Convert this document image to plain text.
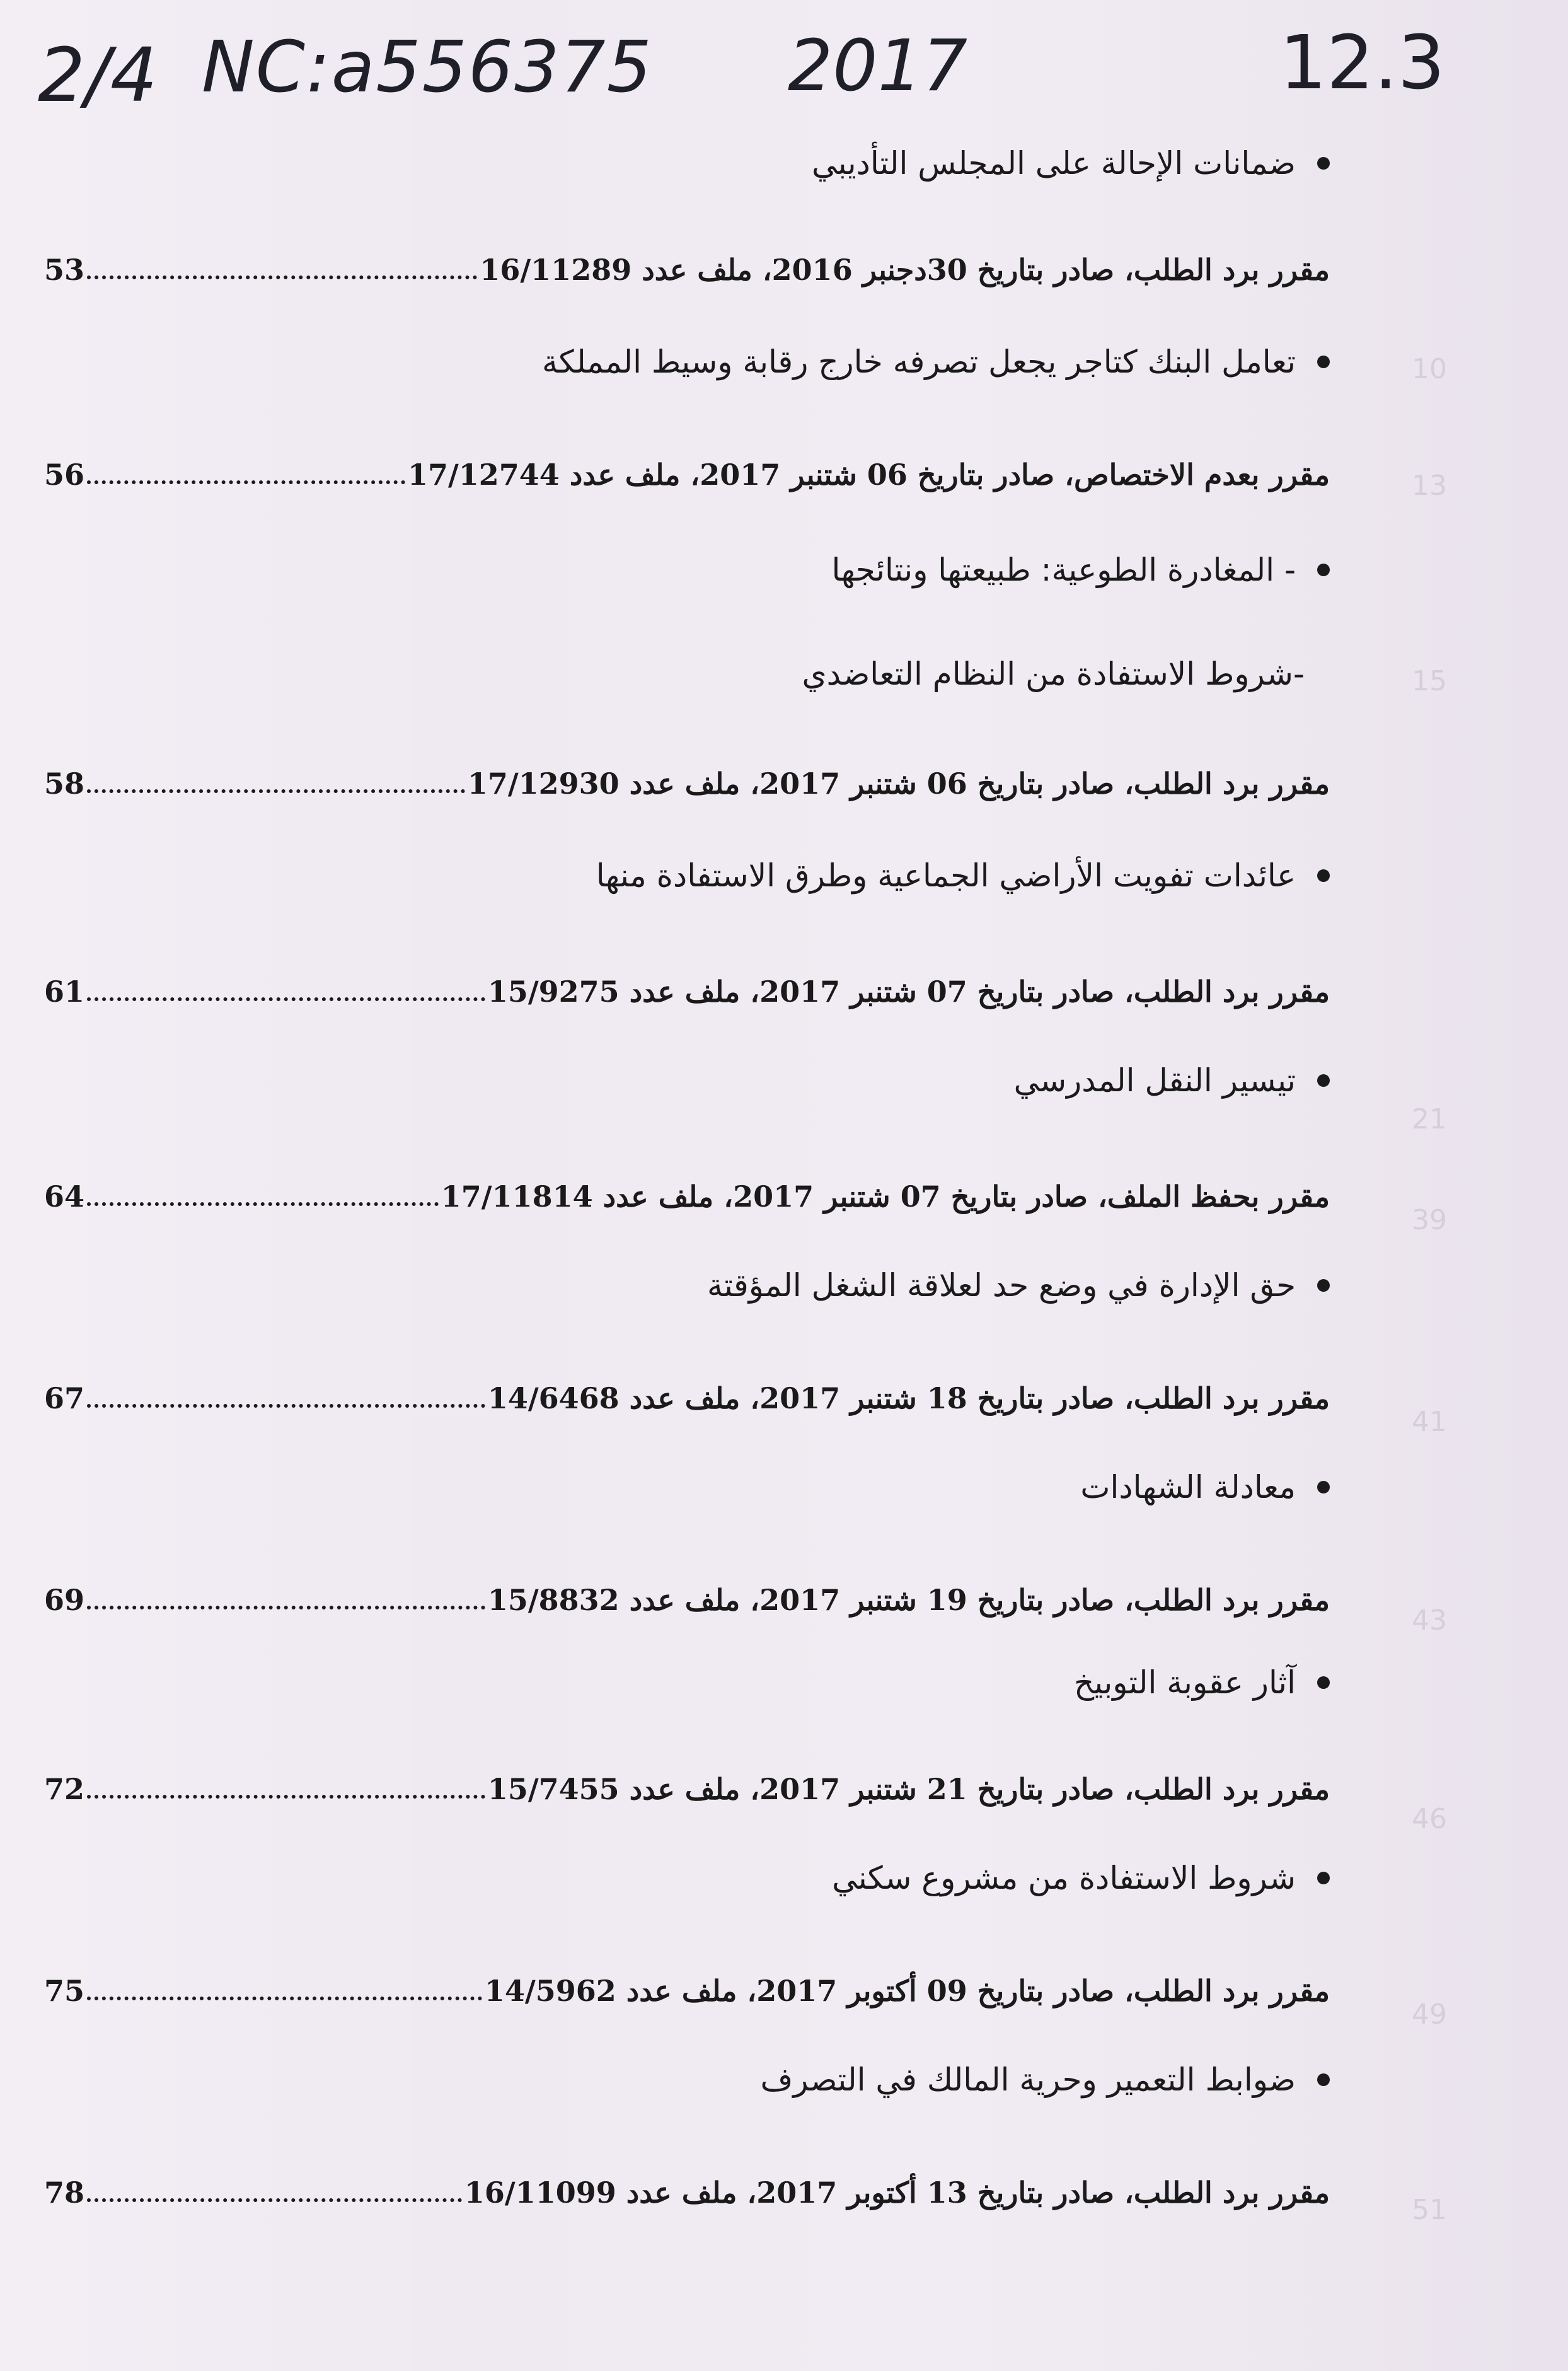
10
13
15
21
39
41
43
46
49
51
2/4 NC:a556375 2017	12.3
ضمانات الإحالة على المجلس التأديبي
مقرر برد الطلب، صادر بتاريخ 30دجنبر 2016، ملف عدد 16/11289
53
تعامل البنك كتاجر يجعل تصرفه خارج رقابة وسيط المملكة
مقرر بعدم الاختصاص، صادر بتاريخ 06 شتنبر 2017، ملف عدد 17/12744
56
- المغادرة الطوعية: طبيعتها ونتائجها
-شروط الاستفادة من النظام التعاضدي
مقرر برد الطلب، صادر بتاريخ 06 شتنبر 2017، ملف عدد 17/12930
58
عائدات تفويت الأراضي الجماعية وطرق الاستفادة منها
مقرر برد الطلب، صادر بتاريخ 07 شتنبر 2017، ملف عدد 15/9275
61
تيسير النقل المدرسي
مقرر بحفظ الملف، صادر بتاريخ 07 شتنبر 2017، ملف عدد 17/11814
64
حق الإدارة في وضع حد لعلاقة الشغل المؤقتة
مقرر برد الطلب، صادر بتاريخ 18 شتنبر 2017، ملف عدد 14/6468
67
معادلة الشهادات
مقرر برد الطلب، صادر بتاريخ 19 شتنبر 2017، ملف عدد 15/8832
69
آثار عقوبة التوبيخ
مقرر برد الطلب، صادر بتاريخ 21 شتنبر 2017، ملف عدد 15/7455
72
شروط الاستفادة من مشروع سكني
مقرر برد الطلب، صادر بتاريخ 09 أكتوبر 2017، ملف عدد 14/5962
75
ضوابط التعمير وحرية المالك في التصرف
مقرر برد الطلب، صادر بتاريخ 13 أكتوبر 2017، ملف عدد 16/11099
78
